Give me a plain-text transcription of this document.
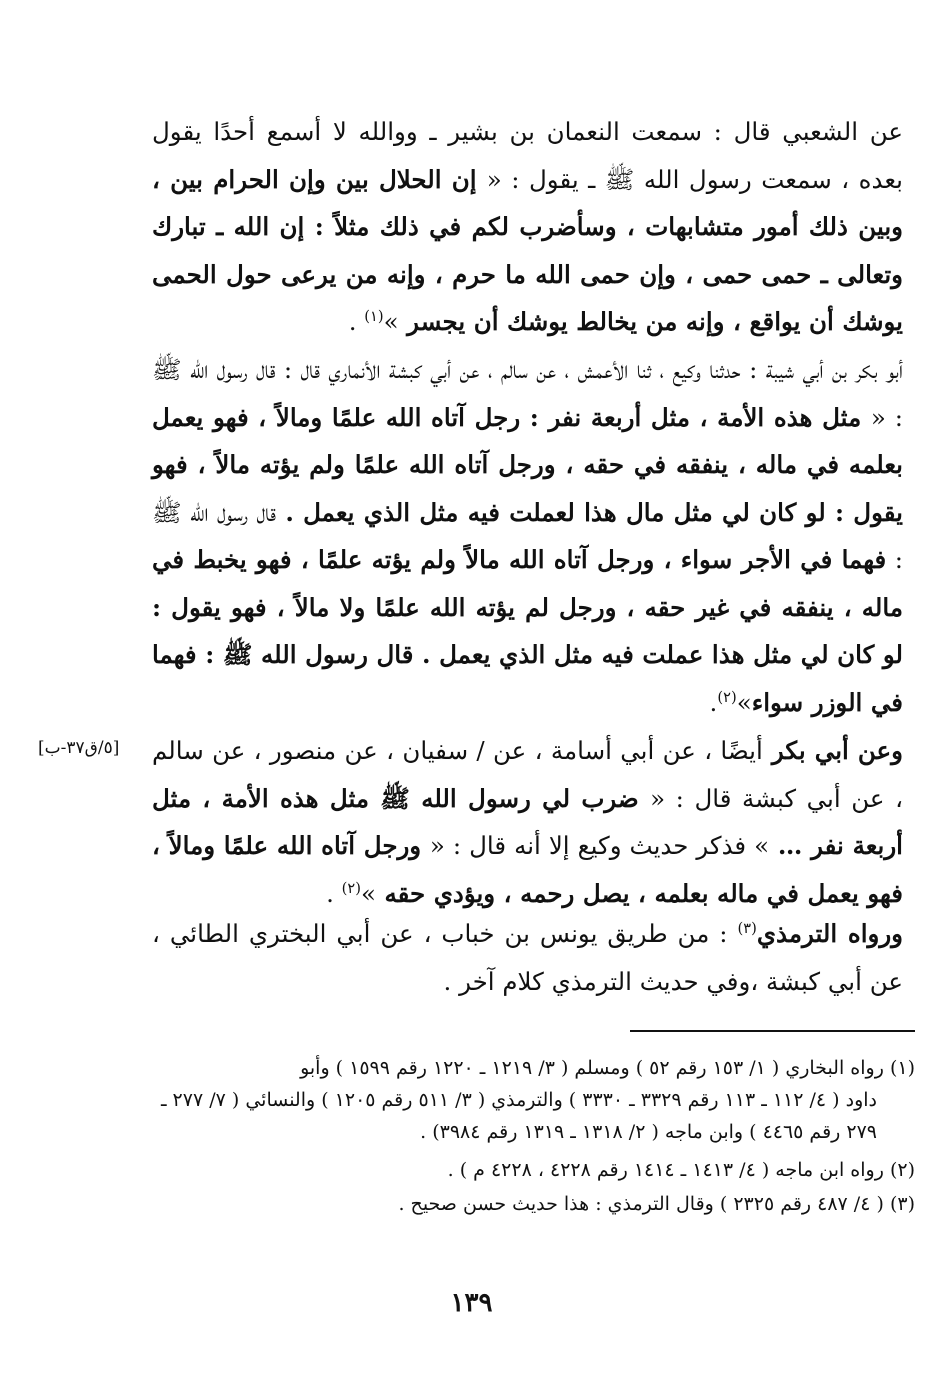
عن الشعبي قال : سمعت النعمان بن بشير ـ ووالله لا أسمع أحدًا يقول بعده ، سمعت رسول الله ﷺ ـ يقول : « إن الحلال بين وإن الحرام بين ، وبين ذلك أمور متشابهات ، وسأضرب لكم في ذلك مثلاً : إن الله ـ تبارك وتعالى ـ حمى حمى ، وإن حمى الله ما حرم ، وإنه من يرعى حول الحمى يوشك أن يواقع ، وإنه من يخالط يوشك أن يجسر »$^{(١)}$ .

أبو بكر بن أبي شيبة : حدثنا وكيع ، ثنا الأعمش ، عن سالم ، عن أبي كبشة الأنماري قال : قال رسول الله ﷺ : « مثل هذه الأمة ، مثل أربعة نفر : رجل آتاه الله علمًا ومالاً ، فهو يعمل بعلمه في ماله ، ينفقه في حقه ، ورجل آتاه الله علمًا ولم يؤته مالاً ، فهو يقول : لو كان لي مثل مال هذا لعملت فيه مثل الذي يعمل . قال رسول الله ﷺ : فهما في الأجر سواء ، ورجل آتاه الله مالاً ولم يؤته علمًا ، فهو يخبط في ماله ، ينفقه في غير حقه ، ورجل لم يؤته الله علمًا ولا مالاً ، فهو يقول : لو كان لي مثل هذا عملت فيه مثل الذي يعمل . قال رسول الله ﷺ : فهما في الوزر سواء»$^{(٢)}$.

[٥/ق٣٧-ب]	وعن أبي بكر أيضًا ، عن أبي أسامة ، عن / سفيان ، عن منصور ، عن سالم ، عن أبي كبشة قال : « ضرب لي رسول الله ﷺ مثل هذه الأمة ، مثل أربعة نفر … » فذكر حديث وكيع إلا أنه قال : « ورجل آتاه الله علمًا ومالاً ، فهو يعمل في ماله بعلمه ، يصل رحمه ، ويؤدي حقه »$^{(٢)}$ .

ورواه الترمذي$^{(٣)}$ : من طريق يونس بن خباب ، عن أبي البختري الطائي ، عن أبي كبشة ،وفي حديث الترمذي كلام آخر .

(١) رواه البخاري ( ١/ ١٥٣ رقم ٥٢ ) ومسلم ( ٣/ ١٢١٩ ـ ١٢٢٠ رقم ١٥٩٩ ) وأبو
داود ( ٤/ ١١٢ ـ ١١٣ رقم ٣٣٢٩ ـ ٣٣٣٠ ) والترمذي ( ٣/ ٥١١ رقم ١٢٠٥ ) والنسائي ( ٧/ ٢٧٧ ـ ٢٧٩ رقم ٤٤٦٥ ) وابن ماجه ( ٢/ ١٣١٨ ـ ١٣١٩ رقم ٣٩٨٤) .

(٢) رواه ابن ماجه ( ٤/ ١٤١٣ ـ ١٤١٤ رقم ٤٢٢٨ ، ٤٢٢٨ م ) .

(٣) ( ٤/ ٤٨٧ رقم ٢٣٢٥ ) وقال الترمذي : هذا حديث حسن صحيح .

١٣٩
